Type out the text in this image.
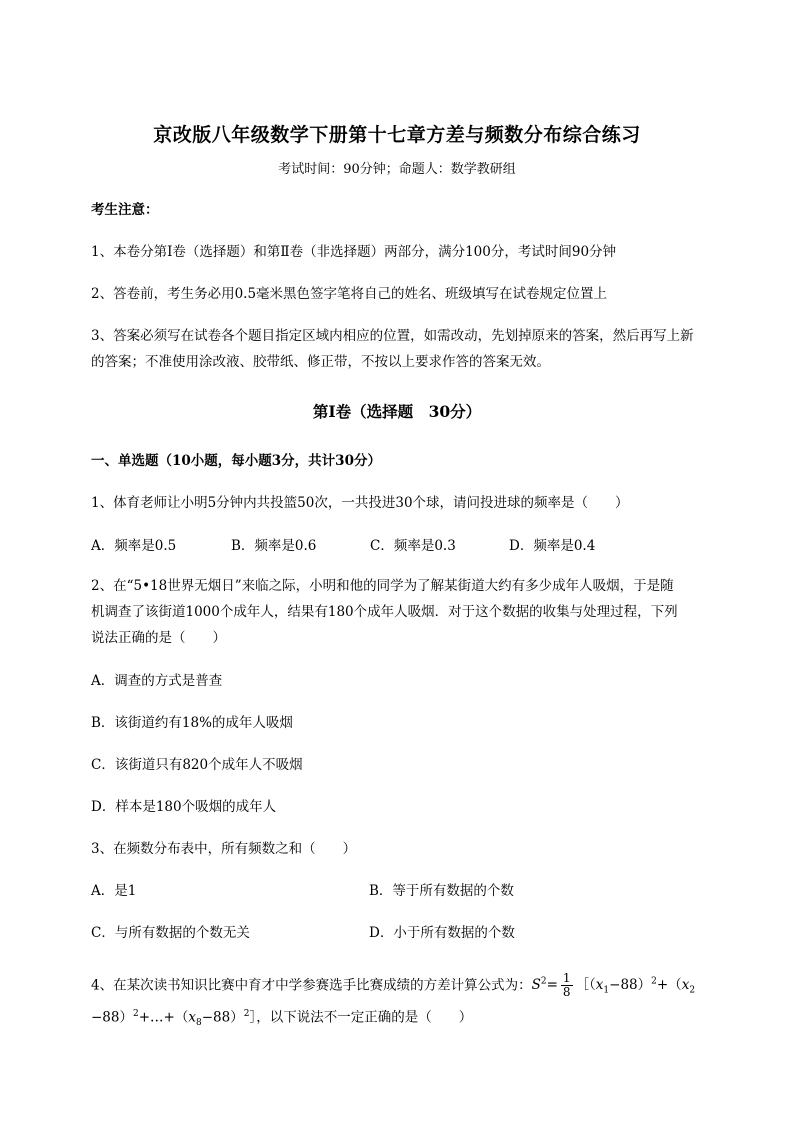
京改版八年级数学下册第十七章方差与频数分布综合练习
考试时间：90分钟；命题人：数学教研组
考生注意：
1、本卷分第Ⅰ卷（选择题）和第Ⅱ卷（非选择题）两部分，满分100分，考试时间90分钟
2、答卷前，考生务必用0.5毫米黑色签字笔将自己的姓名、班级填写在试卷规定位置上
3、答案必须写在试卷各个题目指定区域内相应的位置，如需改动，先划掉原来的答案，然后再写上新
的答案；不准使用涂改液、胶带纸、修正带，不按以上要求作答的答案无效。
第Ⅰ卷（选择题　30分）
一、单选题（10小题，每小题3分，共计30分）
1、体育老师让小明5分钟内共投篮50次，一共投进30个球，请问投进球的频率是（　　）
A．频率是0.5	B．频率是0.6	C．频率是0.3	D．频率是0.4
2、在“5•18世界无烟日”来临之际，小明和他的同学为了解某街道大约有多少成年人吸烟，于是随
机调查了该街道1000个成年人，结果有180个成年人吸烟．对于这个数据的收集与处理过程，下列
说法正确的是（　　）
A．调查的方式是普查
B．该街道约有18%的成年人吸烟
C．该街道只有820个成年人不吸烟
D．样本是180个吸烟的成年人
3、在频数分布表中，所有频数之和（　　）
A．是1	B．等于所有数据的个数
C．与所有数据的个数无关	D．小于所有数据的个数
4、在某次读书知识比赛中育才中学参赛选手比赛成绩的方差计算公式为：$S^2= \frac{1}{8}$ $[(x_1-88)^2+(x_2$
$-88)^2+\dots+(x_8-88)^2]$，以下说法不一定正确的是（　　）
